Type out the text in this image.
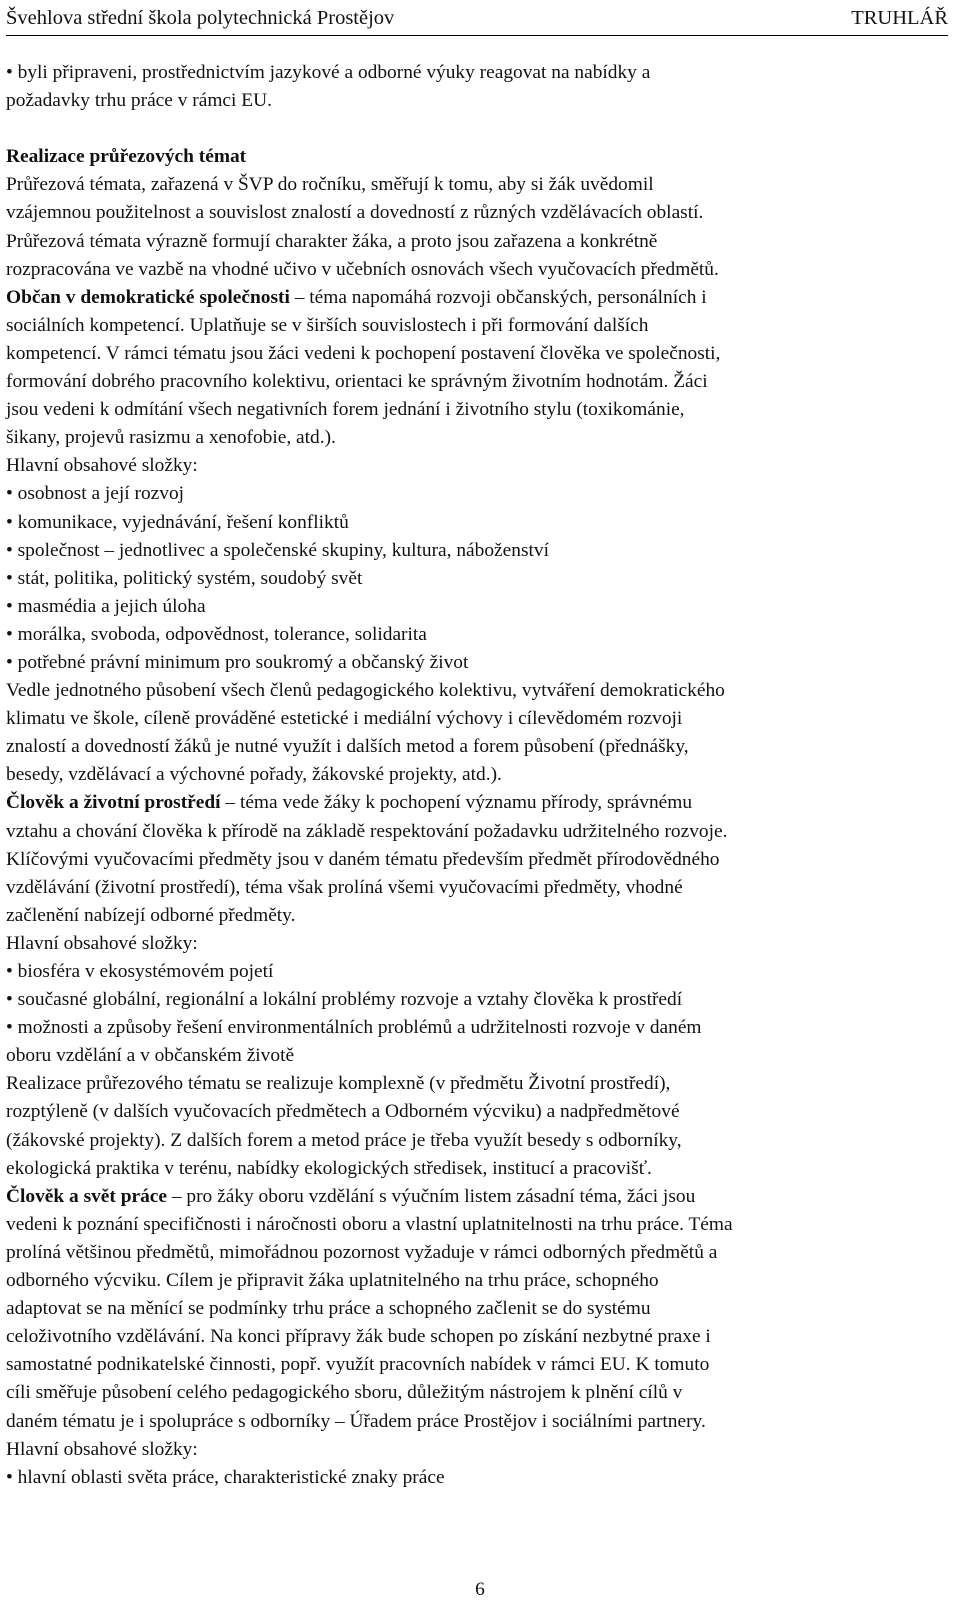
Švehlova střední škola polytechnická Prostějov	TRUHLÁŘ

• byli připraveni, prostřednictvím jazykové a odborné výuky reagovat na nabídky a

požadavky trhu práce v rámci EU.

Realizace průřezových témat

Průřezová témata, zařazená v ŠVP do ročníku, směřují k tomu, aby si žák uvědomil

vzájemnou použitelnost a souvislost znalostí a dovedností z různých vzdělávacích oblastí.

Průřezová témata výrazně formují charakter žáka, a proto jsou zařazena a konkrétně

rozpracována ve vazbě na vhodné učivo v učebních osnovách všech vyučovacích předmětů.

Občan v demokratické společnosti – téma napomáhá rozvoji občanských, personálních i

sociálních kompetencí. Uplatňuje se v širších souvislostech i při formování dalších

kompetencí. V rámci tématu jsou žáci vedeni k pochopení postavení člověka ve společnosti,

formování dobrého pracovního kolektivu, orientaci ke správným životním hodnotám. Žáci

jsou vedeni k odmítání všech negativních forem jednání i životního stylu (toxikománie,

šikany, projevů rasizmu a xenofobie, atd.).

Hlavní obsahové složky:

• osobnost a její rozvoj

• komunikace, vyjednávání, řešení konfliktů

• společnost – jednotlivec a společenské skupiny, kultura, náboženství

• stát, politika, politický systém, soudobý svět

• masmédia a jejich úloha

• morálka, svoboda, odpovědnost, tolerance, solidarita

• potřebné právní minimum pro soukromý a občanský život

Vedle jednotného působení všech členů pedagogického kolektivu, vytváření demokratického

klimatu ve škole, cíleně prováděné estetické i mediální výchovy i cílevědomém rozvoji

znalostí a dovedností žáků je nutné využít i dalších metod a forem působení (přednášky,

besedy, vzdělávací a výchovné pořady, žákovské projekty, atd.).

Člověk a životní prostředí – téma vede žáky k pochopení významu přírody, správnému

vztahu a chování člověka k přírodě na základě respektování požadavku udržitelného rozvoje.

Klíčovými vyučovacími předměty jsou v daném tématu především předmět přírodovědného

vzdělávání (životní prostředí), téma však prolíná všemi vyučovacími předměty, vhodné

začlenění nabízejí odborné předměty.

Hlavní obsahové složky:

• biosféra v ekosystémovém pojetí

• současné globální, regionální a lokální problémy rozvoje a vztahy člověka k prostředí

• možnosti a způsoby řešení environmentálních problémů a udržitelnosti rozvoje v daném

oboru vzdělání a v občanském životě

Realizace průřezového tématu se realizuje komplexně (v předmětu Životní prostředí),

rozptýleně (v dalších vyučovacích předmětech a Odborném výcviku) a nadpředmětové

(žákovské projekty). Z dalších forem a metod práce je třeba využít besedy s odborníky,

ekologická praktika v terénu, nabídky ekologických středisek, institucí a pracovišť.

Člověk a svět práce – pro žáky oboru vzdělání s výučním listem zásadní téma, žáci jsou

vedeni k poznání specifičnosti i náročnosti oboru a vlastní uplatnitelnosti na trhu práce. Téma

prolíná většinou předmětů, mimořádnou pozornost vyžaduje v rámci odborných předmětů a

odborného výcviku. Cílem je připravit žáka uplatnitelného na trhu práce, schopného

adaptovat se na měnící se podmínky trhu práce a schopného začlenit se do systému

celoživotního vzdělávání. Na konci přípravy žák bude schopen po získání nezbytné praxe i

samostatné podnikatelské činnosti, popř. využít pracovních nabídek v rámci EU. K tomuto

cíli směřuje působení celého pedagogického sboru, důležitým nástrojem k plnění cílů v

daném tématu je i spolupráce s odborníky – Úřadem práce Prostějov i sociálními partnery.

Hlavní obsahové složky:

• hlavní oblasti světa práce, charakteristické znaky práce

6
